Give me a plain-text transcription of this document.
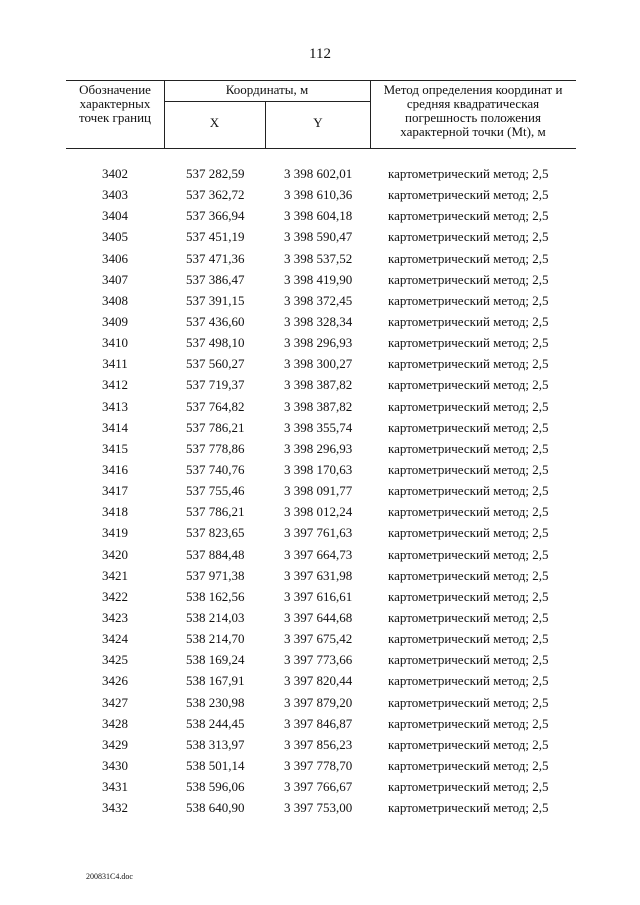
112
Обозначение характерных точек границ
Координаты, м
X	Y
Метод определения координат и средняя квадратическая погрешность положения характерной точки (Mt), м
3402	537 282,59	3 398 602,01	картометрический метод; 2,5
3403	537 362,72	3 398 610,36	картометрический метод; 2,5
3404	537 366,94	3 398 604,18	картометрический метод; 2,5
3405	537 451,19	3 398 590,47	картометрический метод; 2,5
3406	537 471,36	3 398 537,52	картометрический метод; 2,5
3407	537 386,47	3 398 419,90	картометрический метод; 2,5
3408	537 391,15	3 398 372,45	картометрический метод; 2,5
3409	537 436,60	3 398 328,34	картометрический метод; 2,5
3410	537 498,10	3 398 296,93	картометрический метод; 2,5
3411	537 560,27	3 398 300,27	картометрический метод; 2,5
3412	537 719,37	3 398 387,82	картометрический метод; 2,5
3413	537 764,82	3 398 387,82	картометрический метод; 2,5
3414	537 786,21	3 398 355,74	картометрический метод; 2,5
3415	537 778,86	3 398 296,93	картометрический метод; 2,5
3416	537 740,76	3 398 170,63	картометрический метод; 2,5
3417	537 755,46	3 398 091,77	картометрический метод; 2,5
3418	537 786,21	3 398 012,24	картометрический метод; 2,5
3419	537 823,65	3 397 761,63	картометрический метод; 2,5
3420	537 884,48	3 397 664,73	картометрический метод; 2,5
3421	537 971,38	3 397 631,98	картометрический метод; 2,5
3422	538 162,56	3 397 616,61	картометрический метод; 2,5
3423	538 214,03	3 397 644,68	картометрический метод; 2,5
3424	538 214,70	3 397 675,42	картометрический метод; 2,5
3425	538 169,24	3 397 773,66	картометрический метод; 2,5
3426	538 167,91	3 397 820,44	картометрический метод; 2,5
3427	538 230,98	3 397 879,20	картометрический метод; 2,5
3428	538 244,45	3 397 846,87	картометрический метод; 2,5
3429	538 313,97	3 397 856,23	картометрический метод; 2,5
3430	538 501,14	3 397 778,70	картометрический метод; 2,5
3431	538 596,06	3 397 766,67	картометрический метод; 2,5
3432	538 640,90	3 397 753,00	картометрический метод; 2,5
200831C4.doc
